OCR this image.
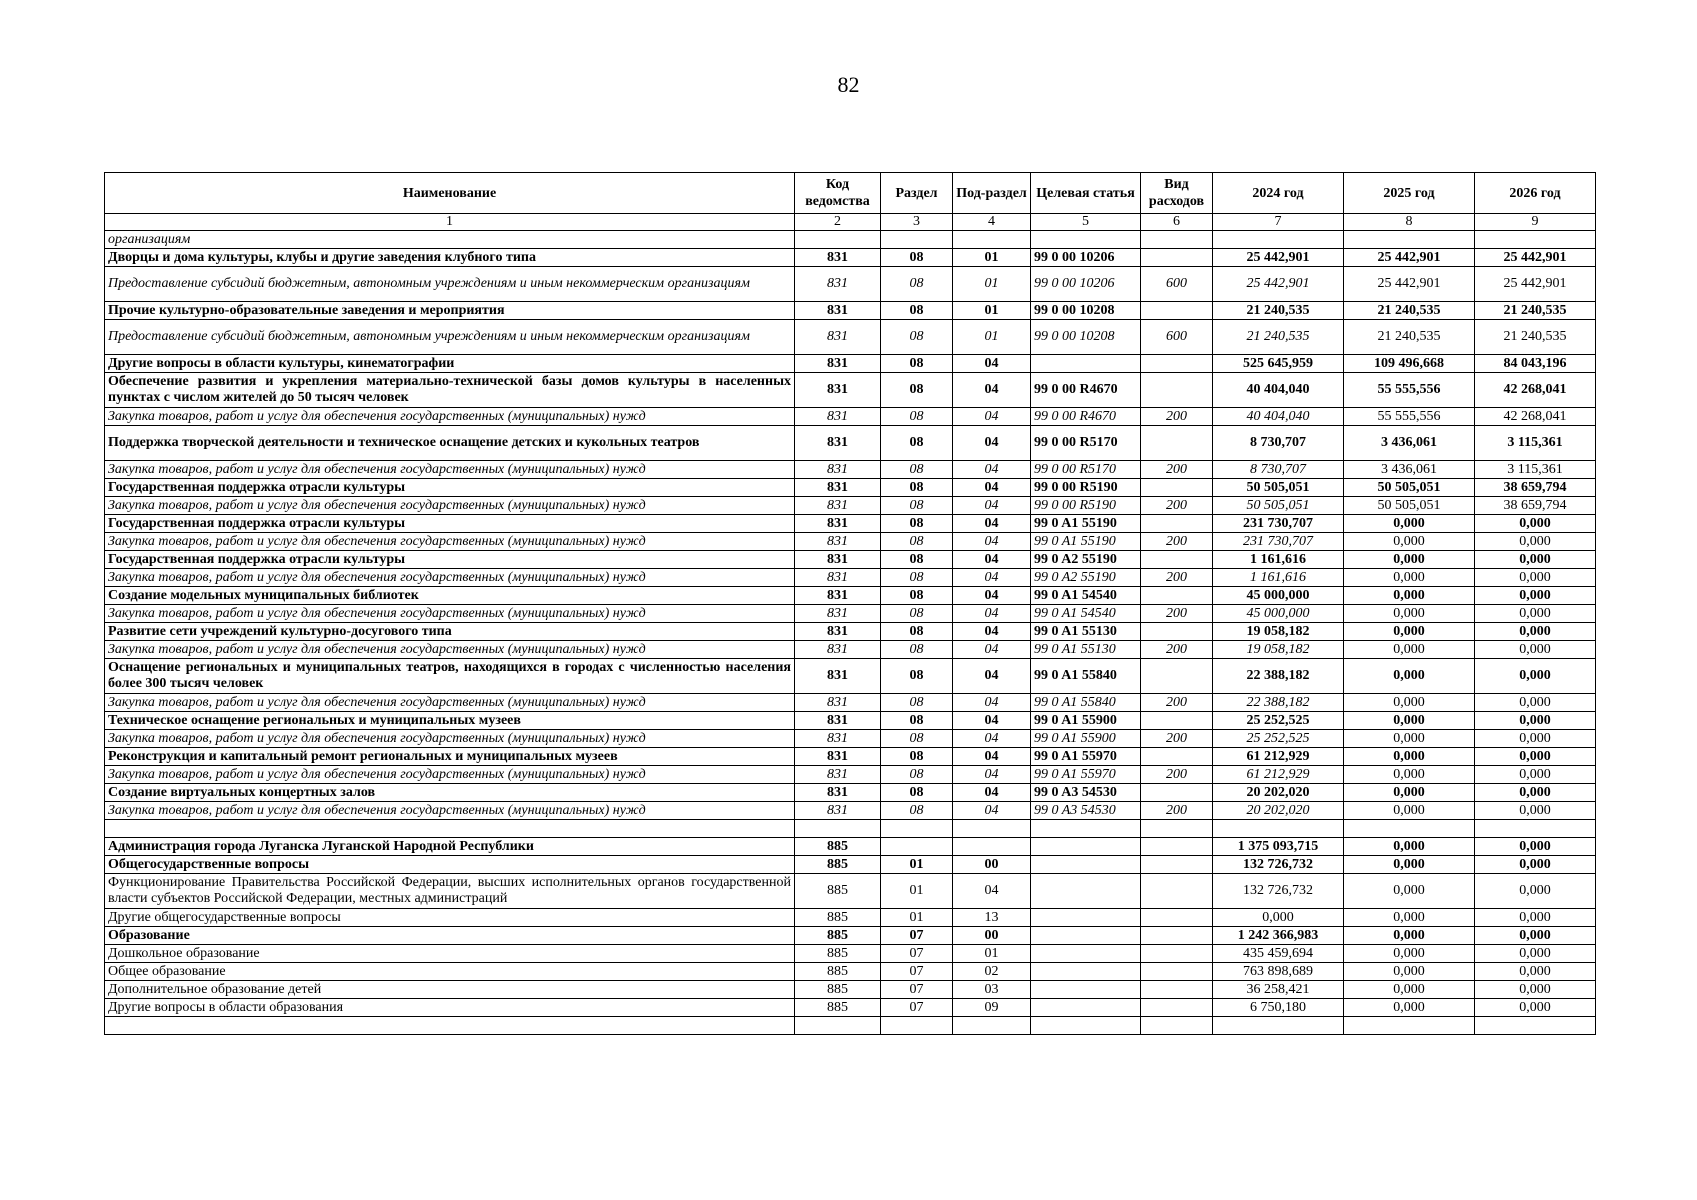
82
Наименование	Код ведомства	Раздел	Под-раздел	Целевая статья	Вид расходов	2024 год	2025 год	2026 год
1	2	3	4	5	6	7	8	9
организациям								
Дворцы и дома культуры, клубы и другие заведения клубного типа	831	08	01	99 0 00 10206		25 442,901	25 442,901	25 442,901
Предоставление субсидий бюджетным, автономным учреждениям и иным некоммерческим организациям	831	08	01	99 0 00 10206	600	25 442,901	25 442,901	25 442,901
Прочие культурно-образовательные заведения и мероприятия	831	08	01	99 0 00 10208		21 240,535	21 240,535	21 240,535
Предоставление субсидий бюджетным, автономным учреждениям и иным некоммерческим организациям	831	08	01	99 0 00 10208	600	21 240,535	21 240,535	21 240,535
Другие вопросы в области культуры, кинематографии	831	08	04			525 645,959	109 496,668	84 043,196
Обеспечение развития и укрепления материально-технической базы домов культуры в населенных пунктах с числом жителей до 50 тысяч человек	831	08	04	99 0 00 R4670		40 404,040	55 555,556	42 268,041
Закупка товаров, работ и услуг для обеспечения государственных (муниципальных) нужд	831	08	04	99 0 00 R4670	200	40 404,040	55 555,556	42 268,041
Поддержка творческой деятельности и техническое оснащение детских и кукольных театров	831	08	04	99 0 00 R5170		8 730,707	3 436,061	3 115,361
Закупка товаров, работ и услуг для обеспечения государственных (муниципальных) нужд	831	08	04	99 0 00 R5170	200	8 730,707	3 436,061	3 115,361
Государственная поддержка отрасли культуры	831	08	04	99 0 00 R5190		50 505,051	50 505,051	38 659,794
Закупка товаров, работ и услуг для обеспечения государственных (муниципальных) нужд	831	08	04	99 0 00 R5190	200	50 505,051	50 505,051	38 659,794
Государственная поддержка отрасли культуры	831	08	04	99 0 A1 55190		231 730,707	0,000	0,000
Закупка товаров, работ и услуг для обеспечения государственных (муниципальных) нужд	831	08	04	99 0 A1 55190	200	231 730,707	0,000	0,000
Государственная поддержка отрасли культуры	831	08	04	99 0 A2 55190		1 161,616	0,000	0,000
Закупка товаров, работ и услуг для обеспечения государственных (муниципальных) нужд	831	08	04	99 0 A2 55190	200	1 161,616	0,000	0,000
Создание модельных муниципальных библиотек	831	08	04	99 0 A1 54540		45 000,000	0,000	0,000
Закупка товаров, работ и услуг для обеспечения государственных (муниципальных) нужд	831	08	04	99 0 A1 54540	200	45 000,000	0,000	0,000
Развитие сети учреждений культурно-досугового типа	831	08	04	99 0 A1 55130		19 058,182	0,000	0,000
Закупка товаров, работ и услуг для обеспечения государственных (муниципальных) нужд	831	08	04	99 0 A1 55130	200	19 058,182	0,000	0,000
Оснащение региональных и муниципальных театров, находящихся в городах с численностью населения более 300 тысяч человек	831	08	04	99 0 A1 55840		22 388,182	0,000	0,000
Закупка товаров, работ и услуг для обеспечения государственных (муниципальных) нужд	831	08	04	99 0 A1 55840	200	22 388,182	0,000	0,000
Техническое оснащение региональных и муниципальных музеев	831	08	04	99 0 A1 55900		25 252,525	0,000	0,000
Закупка товаров, работ и услуг для обеспечения государственных (муниципальных) нужд	831	08	04	99 0 A1 55900	200	25 252,525	0,000	0,000
Реконструкция и капитальный ремонт региональных и муниципальных музеев	831	08	04	99 0 A1 55970		61 212,929	0,000	0,000
Закупка товаров, работ и услуг для обеспечения государственных (муниципальных) нужд	831	08	04	99 0 A1 55970	200	61 212,929	0,000	0,000
Создание виртуальных концертных залов	831	08	04	99 0 A3 54530		20 202,020	0,000	0,000
Закупка товаров, работ и услуг для обеспечения государственных (муниципальных) нужд	831	08	04	99 0 A3 54530	200	20 202,020	0,000	0,000

Администрация города Луганска Луганской Народной Республики	885					1 375 093,715	0,000	0,000
Общегосударственные вопросы	885	01	00			132 726,732	0,000	0,000
Функционирование Правительства Российской Федерации, высших исполнительных органов государственной власти субъектов Российской Федерации, местных администраций	885	01	04			132 726,732	0,000	0,000
Другие общегосударственные вопросы	885	01	13			0,000	0,000	0,000
Образование	885	07	00			1 242 366,983	0,000	0,000
Дошкольное образование	885	07	01			435 459,694	0,000	0,000
Общее образование	885	07	02			763 898,689	0,000	0,000
Дополнительное образование детей	885	07	03			36 258,421	0,000	0,000
Другие вопросы в области образования	885	07	09			6 750,180	0,000	0,000
